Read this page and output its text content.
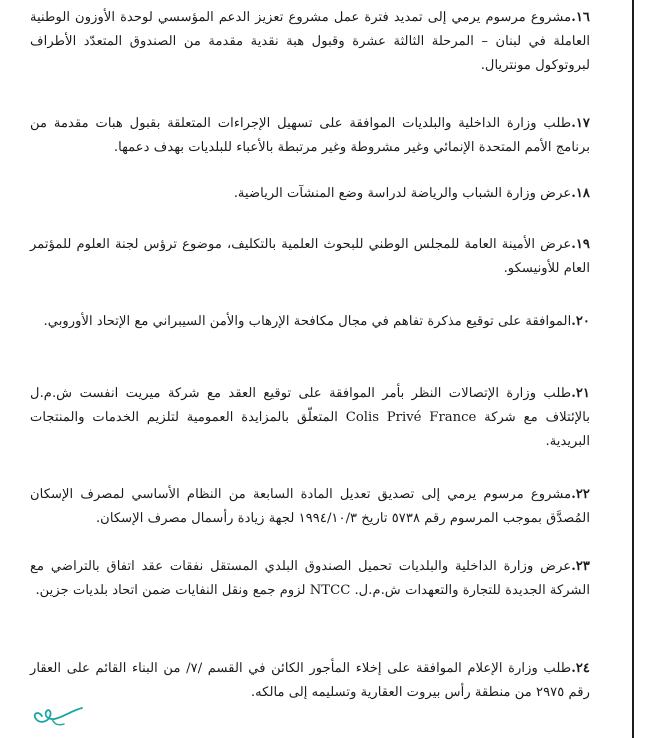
١٦.مشروع مرسوم يرمي إلى تمديد فترة عمل مشروع تعزيز الدعم المؤسسي لوحدة الأوزون الوطنية العاملة في لبنان – المرحلة الثالثة عشرة وقبول هبة نقدية مقدمة من الصندوق المتعدّد الأطراف لبروتوكول مونتريال.
١٧.طلب وزارة الداخلية والبلديات الموافقة على تسهيل الإجراءات المتعلقة بقبول هبات مقدمة من برنامج الأمم المتحدة الإنمائي وغير مشروطة وغير مرتبطة بالأعباء للبلديات بهدف دعمها.
١٨.عرض وزارة الشباب والرياضة لدراسة وضع المنشآت الرياضية.
١٩.عرض الأمينة العامة للمجلس الوطني للبحوث العلمية بالتكليف، موضوع ترؤس لجنة العلوم للمؤتمر العام للأونيسكو.
٢٠.الموافقة على توقيع مذكرة تفاهم في مجال مكافحة الإرهاب والأمن السيبراني مع الإتحاد الأوروبي.
٢١.طلب وزارة الإتصالات النظر بأمر الموافقة على توقيع العقد مع شركة ميريت انفست ش.م.ل بالإئتلاف مع شركة Colis Privé France المتعلّق بالمزايدة العمومية لتلزيم الخدمات والمنتجات البريدية.
٢٢.مشروع مرسوم يرمي إلى تصديق تعديل المادة السابعة من النظام الأساسي لمصرف الإسكان المُصدَّق بموجب المرسوم رقم ٥٧٣٨ تاريخ ١٩٩٤/١٠/٣ لجهة زيادة رأسمال مصرف الإسكان.
٢٣.عرض وزارة الداخلية والبلديات تحميل الصندوق البلدي المستقل نفقات عقد اتفاق بالتراضي مع الشركة الجديدة للتجارة والتعهدات ش.م.ل. NTCC لزوم جمع ونقل النفايات ضمن اتحاد بلديات جزين.
٢٤.طلب وزارة الإعلام الموافقة على إخلاء المأجور الكائن في القسم /٧/ من البناء القائم على العقار رقم ٢٩٧٥ من منطقة رأس بيروت العقارية وتسليمه إلى مالكه.
